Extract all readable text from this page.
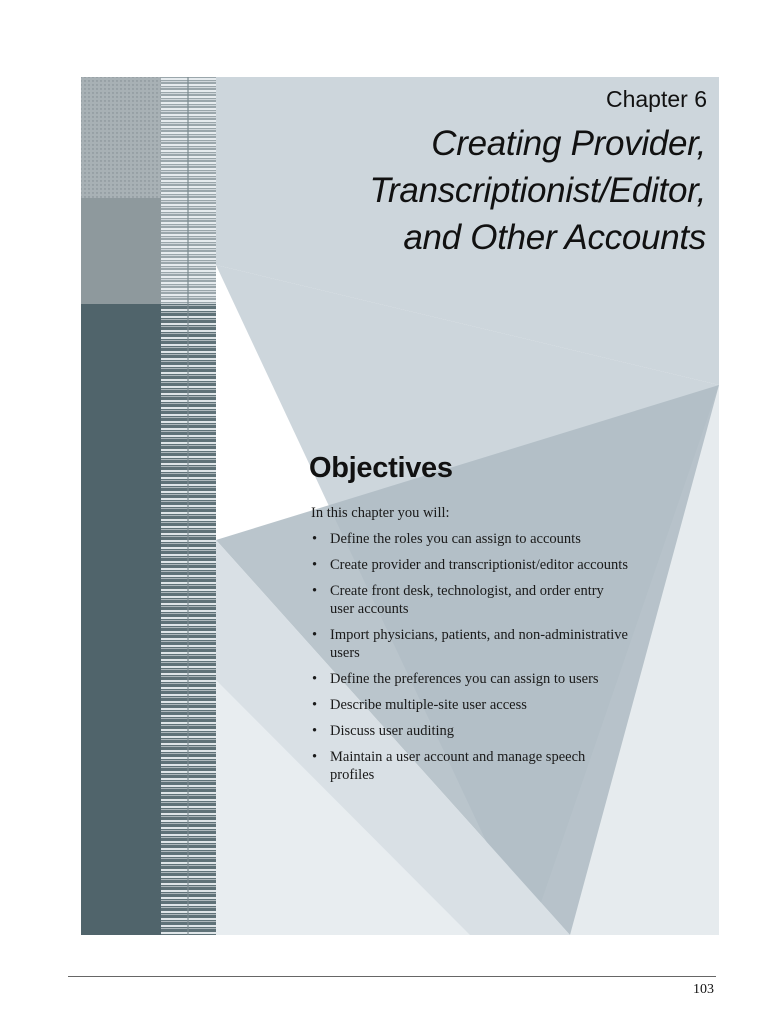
Chapter 6
Creating Provider,
Transcriptionist/Editor,
and Other Accounts
Objectives

In this chapter you will:

• Define the roles you can assign to accounts
• Create provider and transcriptionist/editor accounts
• Create front desk, technologist, and order entry user accounts
• Import physicians, patients, and non-administrative users
• Define the preferences you can assign to users
• Describe multiple-site user access
• Discuss user auditing
• Maintain a user account and manage speech profiles
103
